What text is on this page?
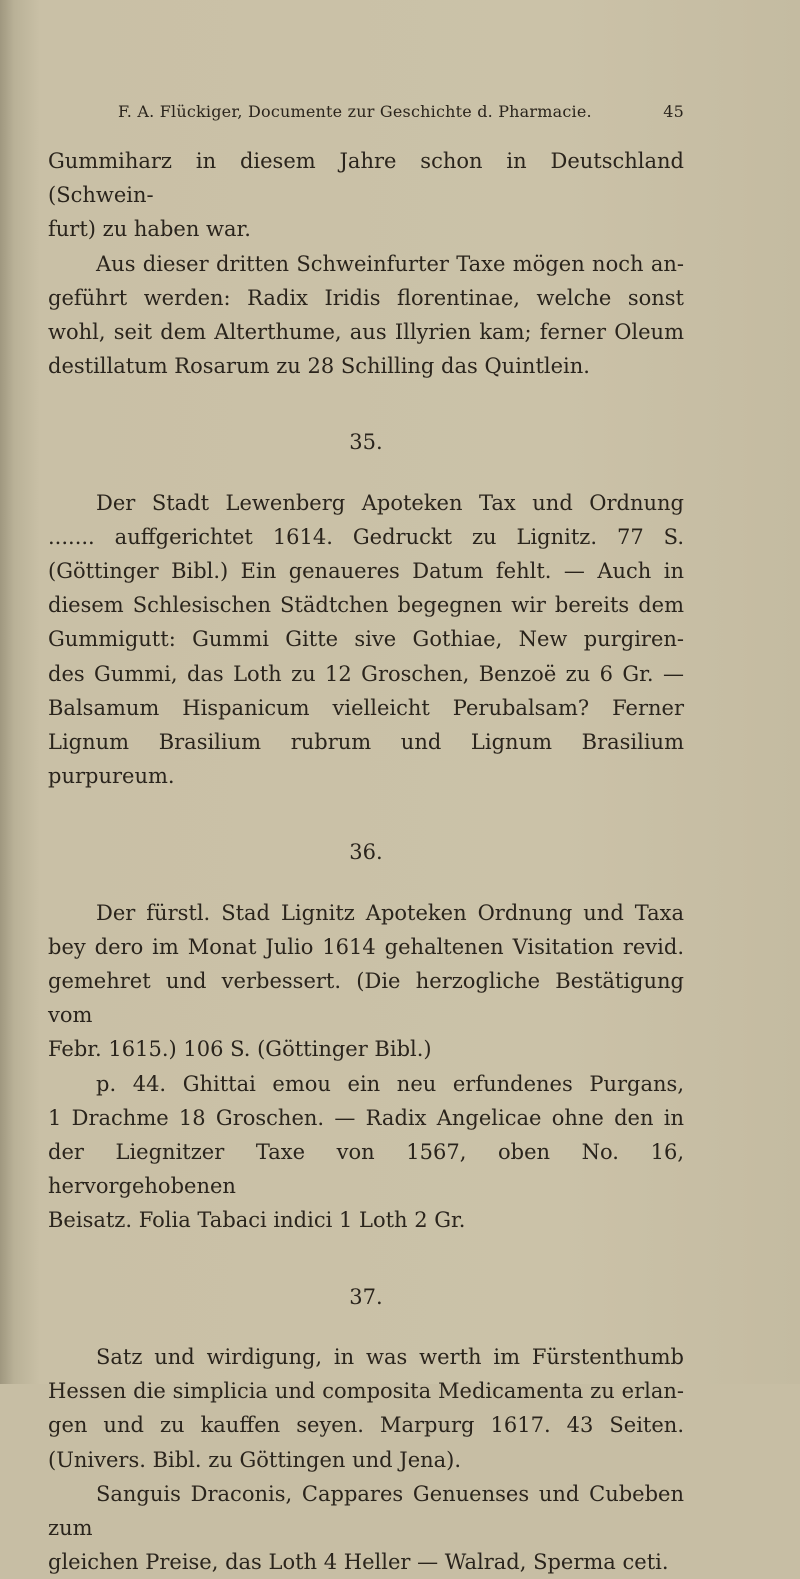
F. A. Flückiger, Documente zur Geschichte d. Pharmacie.	45

Gummiharz in diesem Jahre schon in Deutschland (Schwein-

furt) zu haben war.

Aus dieser dritten Schweinfurter Taxe mögen noch an-

geführt werden: Radix Iridis florentinae, welche sonst

wohl, seit dem Alterthume, aus Illyrien kam; ferner Oleum

destillatum Rosarum zu 28 Schilling das Quintlein.

35.

Der Stadt Lewenberg Apoteken Tax und Ordnung

....... auffgerichtet 1614. Gedruckt zu Lignitz. 77 S.

(Göttinger Bibl.) Ein genaueres Datum fehlt. — Auch in

diesem Schlesischen Städtchen begegnen wir bereits dem

Gummigutt: Gummi Gitte sive Gothiae, New purgiren-

des Gummi, das Loth zu 12 Groschen, Benzoë zu 6 Gr. —

Balsamum Hispanicum vielleicht Perubalsam? Ferner

Lignum Brasilium rubrum und Lignum Brasilium purpureum.

36.

Der fürstl. Stad Lignitz Apoteken Ordnung und Taxa

bey dero im Monat Julio 1614 gehaltenen Visitation revid.

gemehret und verbessert. (Die herzogliche Bestätigung vom

Febr. 1615.) 106 S. (Göttinger Bibl.)

p. 44. Ghittai emou ein neu erfundenes Purgans,

1 Drachme 18 Groschen. — Radix Angelicae ohne den in

der Liegnitzer Taxe von 1567, oben No. 16, hervorgehobenen

Beisatz. Folia Tabaci indici 1 Loth 2 Gr.

37.

Satz und wirdigung, in was werth im Fürstenthumb

Hessen die simplicia und composita Medicamenta zu erlan-

gen und zu kauffen seyen. Marpurg 1617. 43 Seiten.

(Univers. Bibl. zu Göttingen und Jena).

Sanguis Draconis, Cappares Genuenses und Cubeben zum

gleichen Preise, das Loth 4 Heller — Walrad, Sperma ceti.
